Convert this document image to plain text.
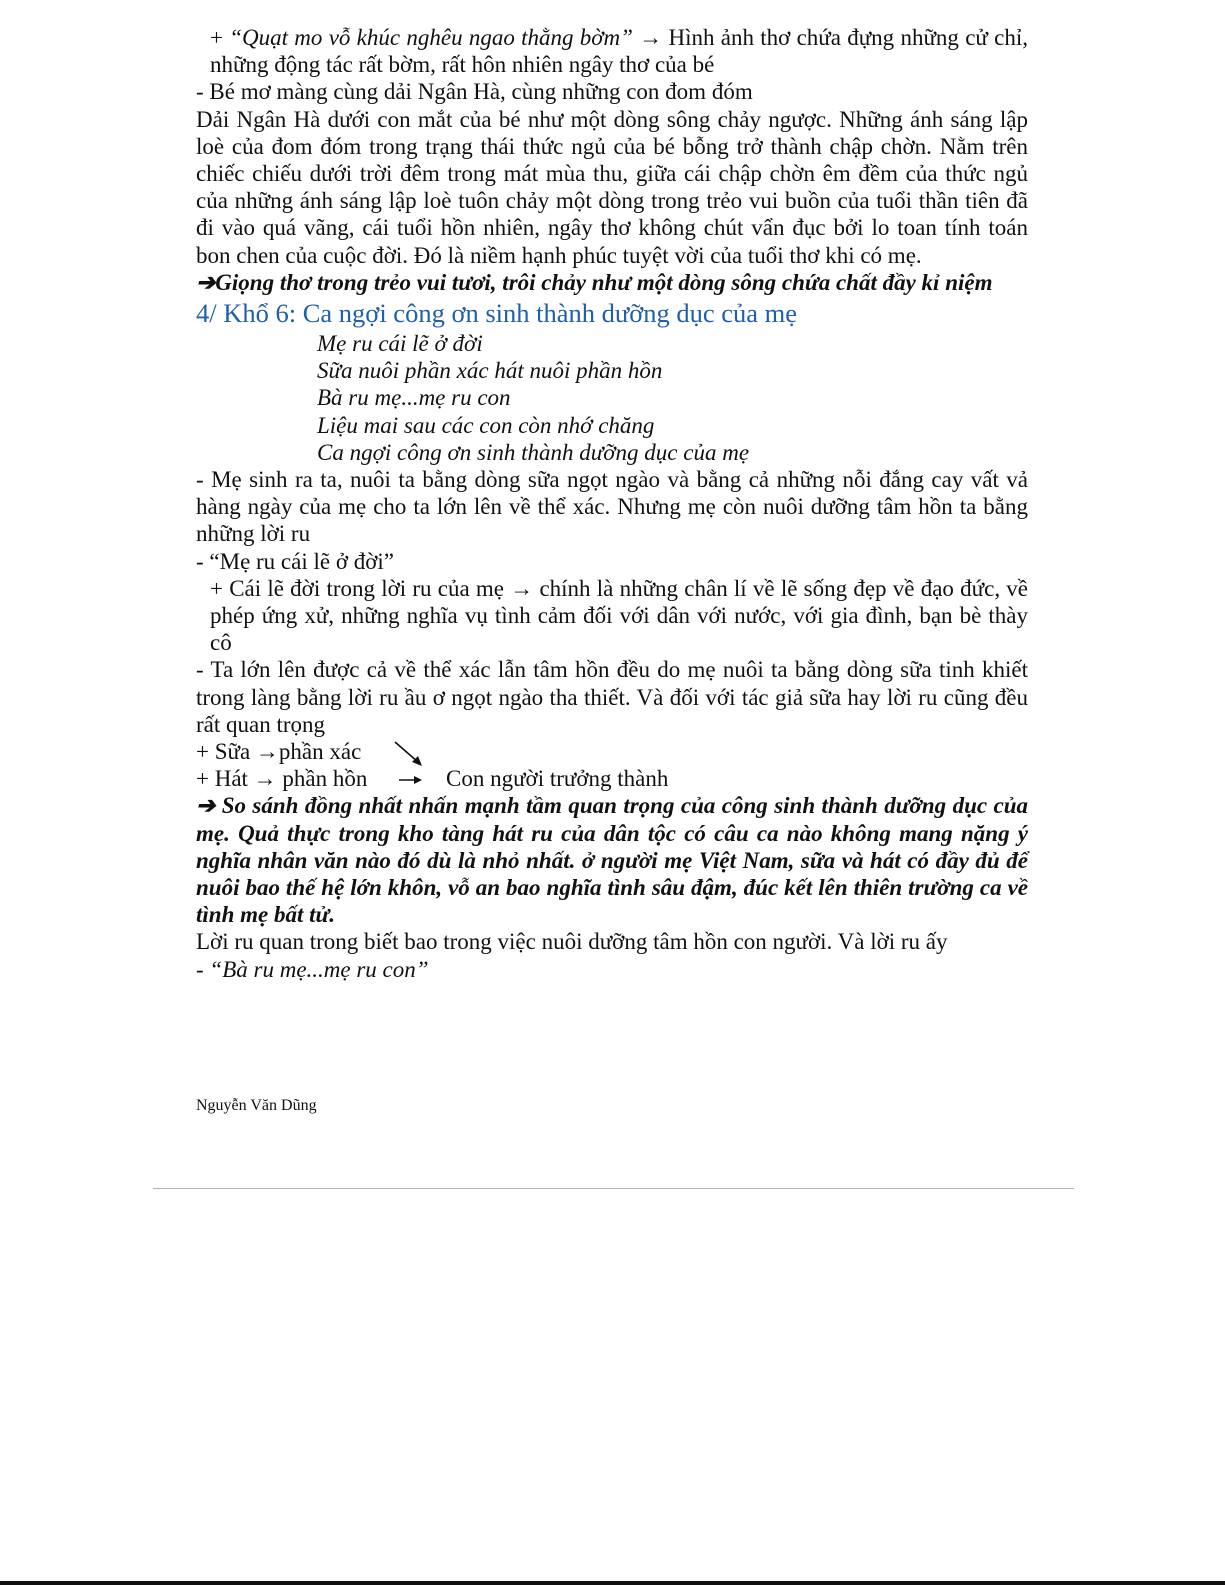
+ “Quạt mo vỗ khúc nghêu ngao thằng bờm” → Hình ảnh thơ chứa đựng những cử chỉ, những động tác rất bờm, rất hôn nhiên ngây thơ của bé

- Bé mơ màng cùng dải Ngân Hà, cùng những con đom đóm

Dải Ngân Hà dưới con mắt của bé như một dòng sông chảy ngược. Những ánh sáng lập loè của đom đóm trong trạng thái thức ngủ của bé bỗng trở thành chập chờn. Nằm trên chiếc chiếu dưới trời đêm trong mát mùa thu, giữa cái chập chờn êm đềm của thức ngủ của những ánh sáng lập loè tuôn chảy một dòng trong trẻo vui buồn của tuổi thần tiên đã đi vào quá vãng, cái tuổi hồn nhiên, ngây thơ không chút vẩn đục bởi lo toan tính toán bon chen của cuộc đời. Đó là niềm hạnh phúc tuyệt vời của tuổi thơ khi có mẹ.

➔Giọng thơ trong trẻo vui tươi, trôi chảy như một dòng sông chứa chất đầy kỉ niệm

4/ Khổ 6: Ca ngợi công ơn sinh thành dưỡng dục của mẹ

Mẹ ru cái lẽ ở đời

Sữa nuôi phần xác hát nuôi phần hồn

Bà ru mẹ...mẹ ru con

Liệu mai sau các con còn nhớ chăng

Ca ngợi công ơn sinh thành dưỡng dục của mẹ

- Mẹ sinh ra ta, nuôi ta bằng dòng sữa ngọt ngào và bằng cả những nỗi đắng cay vất vả hàng ngày của mẹ cho ta lớn lên về thể xác. Nhưng mẹ còn nuôi dưỡng tâm hồn ta bằng những lời ru

- “Mẹ ru cái lẽ ở đời”

+ Cái lẽ đời trong lời ru của mẹ → chính là những chân lí về lẽ sống đẹp về đạo đức, về phép ứng xử, những nghĩa vụ tình cảm đối với dân với nước, với gia đình, bạn bè thày cô

- Ta lớn lên được cả về thể xác lẫn tâm hồn đều do mẹ nuôi ta bằng dòng sữa tinh khiết trong làng bằng lời ru ầu ơ ngọt ngào tha thiết. Và đối với tác giả sữa hay lời ru cũng đều rất quan trọng

+ Sữa →phần xác
+ Hát → phần hồn	Con người trưởng thành

➔ So sánh đồng nhất nhấn mạnh tầm quan trọng của công sinh thành dưỡng dục của mẹ. Quả thực trong kho tàng hát ru của dân tộc có câu ca nào không mang nặng ý nghĩa nhân văn nào đó dù là nhỏ nhất. ở người mẹ Việt Nam, sữa và hát có đầy đủ để nuôi bao thế hệ lớn khôn, vỗ an bao nghĩa tình sâu đậm, đúc kết lên thiên trường ca về tình mẹ bất tử.

Lời ru quan trong biết bao trong việc nuôi dưỡng tâm hồn con người. Và lời ru ấy

- “Bà ru mẹ...mẹ ru con”

Nguyễn Văn Dũng
